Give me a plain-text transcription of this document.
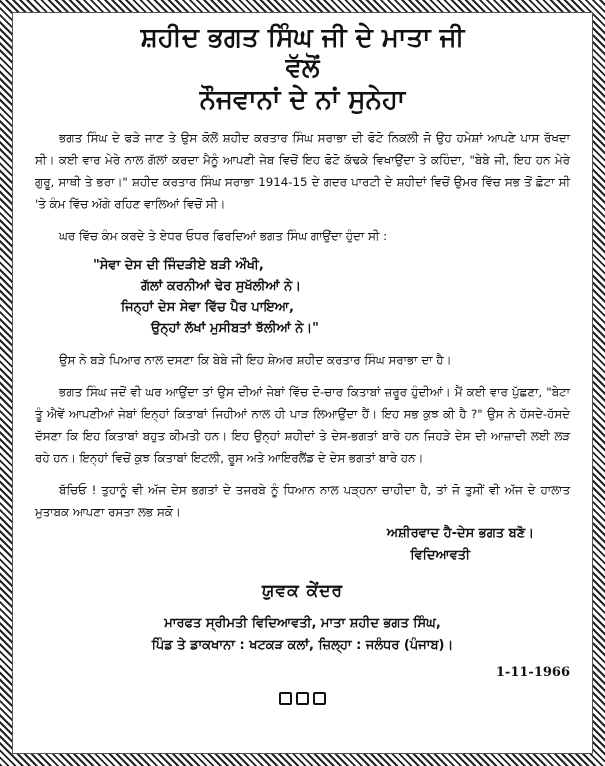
ਸ਼ਹੀਦ ਭਗਤ ਸਿੰਘ ਜੀ ਦੇ ਮਾਤਾ ਜੀ
ਵੱਲੋਂ
ਨੌਜਵਾਨਾਂ ਦੇ ਨਾਂ ਸੁਨੇਹਾ

ਭਗਤ ਸਿੰਘ ਦੇ ਫੜੇ ਜਾਣ ਤੇ ਉਸ ਕੋਲੋਂ ਸ਼ਹੀਦ ਕਰਤਾਰ ਸਿੰਘ ਸਰਾਭਾ ਦੀ ਫੋਟੋ ਨਿਕਲੀ ਜੋ ਉਹ ਹਮੇਸ਼ਾਂ ਆਪਣੇ ਪਾਸ ਰੱਖਦਾ ਸੀ। ਕਈ ਵਾਰ ਮੇਰੇ ਨਾਲ ਗੱਲਾਂ ਕਰਦਾ ਮੈਨੂੰ ਆਪਣੀ ਜੇਬ ਵਿਚੋਂ ਇਹ ਫੋਟੋ ਕੱਢਕੇ ਵਿਖਾਉਂਦਾ ਤੇ ਕਹਿੰਦਾ, "ਬੇਬੇ ਜੀ, ਇਹ ਹਨ ਮੇਰੇ ਗੁਰੂ, ਸਾਥੀ ਤੇ ਭਰਾ।" ਸ਼ਹੀਦ ਕਰਤਾਰ ਸਿੰਘ ਸਰਾਭਾ 1914-15 ਦੇ ਗਦਰ ਪਾਰਟੀ ਦੇ ਸ਼ਹੀਦਾਂ ਵਿਚੋਂ ਉਮਰ ਵਿੱਚ ਸਭ ਤੋਂ ਛੋਟਾ ਸੀ 'ਤੇ ਕੰਮ ਵਿੱਚ ਅੱਗੇ ਰਹਿਣ ਵਾਲਿਆਂ ਵਿਚੋਂ ਸੀ।

ਘਰ ਵਿੱਚ ਕੰਮ ਕਰਦੇ ਤੇ ਏਧਰ ਓਧਰ ਫਿਰਦਿਆਂ ਭਗਤ ਸਿੰਘ ਗਾਉਂਦਾ ਹੁੰਦਾ ਸੀ :

"ਸੇਵਾ ਦੇਸ ਦੀ ਜਿੰਦੜੀਏ ਬੜੀ ਔਖੀ,
ਗੱਲਾਂ ਕਰਨੀਆਂ ਢੇਰ ਸੁਖੱਲੀਆਂ ਨੇ।
ਜਿਨ੍ਹਾਂ ਦੇਸ ਸੇਵਾ ਵਿੱਚ ਪੈਰ ਪਾਇਆ,
ਉਨ੍ਹਾਂ ਲੱਖਾਂ ਮੁਸੀਬਤਾਂ ਝੱਲੀਆਂ ਨੇ।"

ਉਸ ਨੇ ਬੜੇ ਪਿਆਰ ਨਾਲ ਦਸਣਾ ਕਿ ਬੇਬੇ ਜੀ ਇਹ ਸ਼ੇਅਰ ਸ਼ਹੀਦ ਕਰਤਾਰ ਸਿੰਘ ਸਰਾਭਾ ਦਾ ਹੈ।

ਭਗਤ ਸਿੰਘ ਜਦੋਂ ਵੀ ਘਰ ਆਉਂਦਾ ਤਾਂ ਉਸ ਦੀਆਂ ਜੇਬਾਂ ਵਿੱਚ ਦੋ-ਚਾਰ ਕਿਤਾਬਾਂ ਜ਼ਰੂਰ ਹੁੰਦੀਆਂ। ਮੈਂ ਕਈ ਵਾਰ ਪੁੱਛਣਾ, "ਬੇਟਾ ਤੂੰ ਐਵੇਂ ਆਪਣੀਆਂ ਜੇਬਾਂ ਇਨ੍ਹਾਂ ਕਿਤਾਬਾਂ ਜਿਹੀਆਂ ਨਾਲ ਹੀ ਪਾੜ ਲਿਆਉਂਦਾ ਹੈਂ। ਇਹ ਸਭ ਕੁਝ ਕੀ ਹੈ ?" ਉਸ ਨੇ ਹੱਸਦੇ-ਹੱਸਦੇ ਦੱਸਣਾ ਕਿ ਇਹ ਕਿਤਾਬਾਂ ਬਹੁਤ ਕੀਮਤੀ ਹਨ। ਇਹ ਉਨ੍ਹਾਂ ਸ਼ਹੀਦਾਂ ਤੇ ਦੇਸ-ਭਗਤਾਂ ਬਾਰੇ ਹਨ ਜਿਹੜੇ ਦੇਸ ਦੀ ਆਜ਼ਾਦੀ ਲਈ ਲੜ ਰਹੇ ਹਨ। ਇਨ੍ਹਾਂ ਵਿਚੋਂ ਕੁਝ ਕਿਤਾਬਾਂ ਇਟਲੀ, ਰੂਸ ਅਤੇ ਆਇਰਲੈਂਡ ਦੇ ਦੇਸ ਭਗਤਾਂ ਬਾਰੇ ਹਨ।

ਬੱਚਿਓ ! ਤੁਹਾਨੂੰ ਵੀ ਅੱਜ ਦੇਸ ਭਗਤਾਂ ਦੇ ਤਜਰਬੇ ਨੂੰ ਧਿਆਨ ਨਾਲ ਪੜ੍ਹਨਾ ਚਾਹੀਦਾ ਹੈ, ਤਾਂ ਜੋ ਤੁਸੀਂ ਵੀ ਅੱਜ ਦੇ ਹਾਲਾਤ ਮੁਤਾਬਕ ਆਪਣਾ ਰਸਤਾ ਲਭ ਸਕੋ।

ਅਸ਼ੀਰਵਾਦ ਹੈ-ਦੇਸ ਭਗਤ ਬਣੋ।
ਵਿਦਿਆਵਤੀ
ਯੁਵਕ ਕੇਂਦਰ
ਮਾਰਫਤ ਸ੍ਰੀਮਤੀ ਵਿਦਿਆਵਤੀ, ਮਾਤਾ ਸ਼ਹੀਦ ਭਗਤ ਸਿੰਘ,
ਪਿੰਡ ਤੇ ਡਾਕਖਾਨਾ : ਖਟਕੜ ਕਲਾਂ, ਜ਼ਿਲ੍ਹਾ : ਜਲੰਧਰ (ਪੰਜਾਬ)।
1-11-1966
